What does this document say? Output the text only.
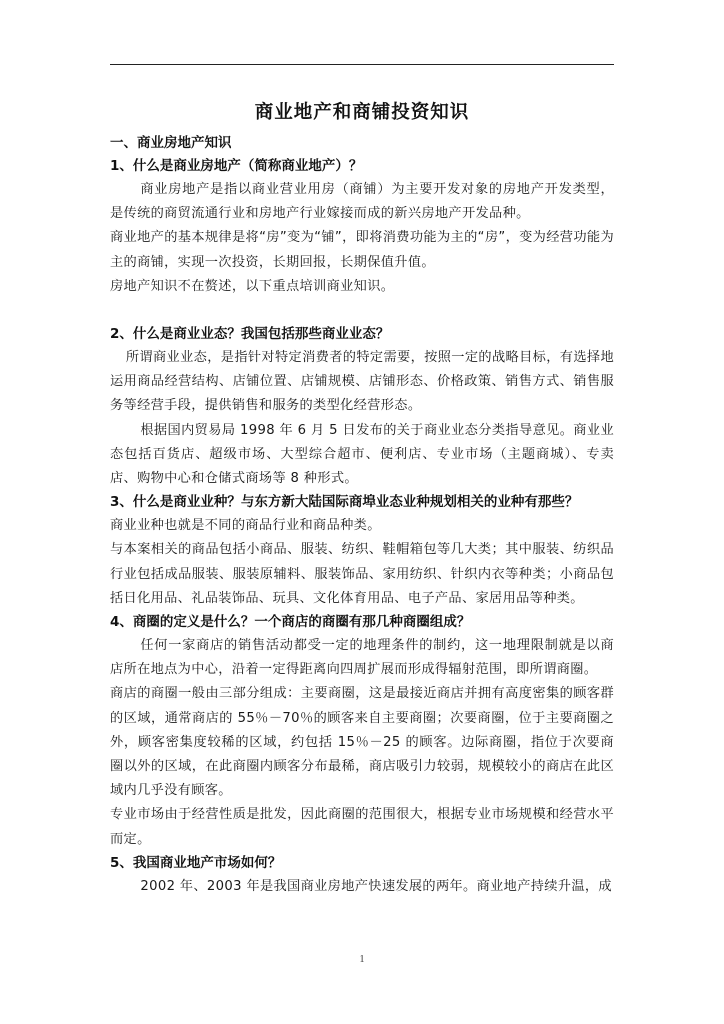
商业地产和商铺投资知识
一、商业房地产知识
1、什么是商业房地产（简称商业地产）？

商业房地产是指以商业营业用房（商铺）为主要开发对象的房地产开发类型，是传统的商贸流通行业和房地产行业嫁接而成的新兴房地产开发品种。

商业地产的基本规律是将“房”变为“铺”，即将消费功能为主的“房”，变为经营功能为主的商铺，实现一次投资，长期回报，长期保值升值。

房地产知识不在赘述，以下重点培训商业知识。

2、什么是商业业态？我国包括那些商业业态？

所谓商业业态，是指针对特定消费者的特定需要，按照一定的战略目标，有选择地运用商品经营结构、店铺位置、店铺规模、店铺形态、价格政策、销售方式、销售服务等经营手段，提供销售和服务的类型化经营形态。

根据国内贸易局 1998 年 6 月 5 日发布的关于商业业态分类指导意见。商业业态包括百货店、超级市场、大型综合超市、便利店、专业市场（主题商城）、专卖店、购物中心和仓储式商场等 8 种形式。

3、什么是商业业种？与东方新大陆国际商埠业态业种规划相关的业种有那些？

商业业种也就是不同的商品行业和商品种类。

与本案相关的商品包括小商品、服装、纺织、鞋帽箱包等几大类；其中服装、纺织品行业包括成品服装、服装原辅料、服装饰品、家用纺织、针织内衣等种类；小商品包括日化用品、礼品装饰品、玩具、文化体育用品、电子产品、家居用品等种类。

4、商圈的定义是什么？一个商店的商圈有那几种商圈组成？

任何一家商店的销售活动都受一定的地理条件的制约，这一地理限制就是以商店所在地点为中心，沿着一定得距离向四周扩展而形成得辐射范围，即所谓商圈。

商店的商圈一般由三部分组成：主要商圈，这是最接近商店并拥有高度密集的顾客群的区域，通常商店的 55％－70％的顾客来自主要商圈；次要商圈，位于主要商圈之外，顾客密集度较稀的区域，约包括 15％－25 的顾客。边际商圈，指位于次要商圈以外的区域，在此商圈内顾客分布最稀，商店吸引力较弱，规模较小的商店在此区域内几乎没有顾客。

专业市场由于经营性质是批发，因此商圈的范围很大，根据专业市场规模和经营水平而定。

5、我国商业地产市场如何？

2002 年、2003 年是我国商业房地产快速发展的两年。商业地产持续升温，成

1
